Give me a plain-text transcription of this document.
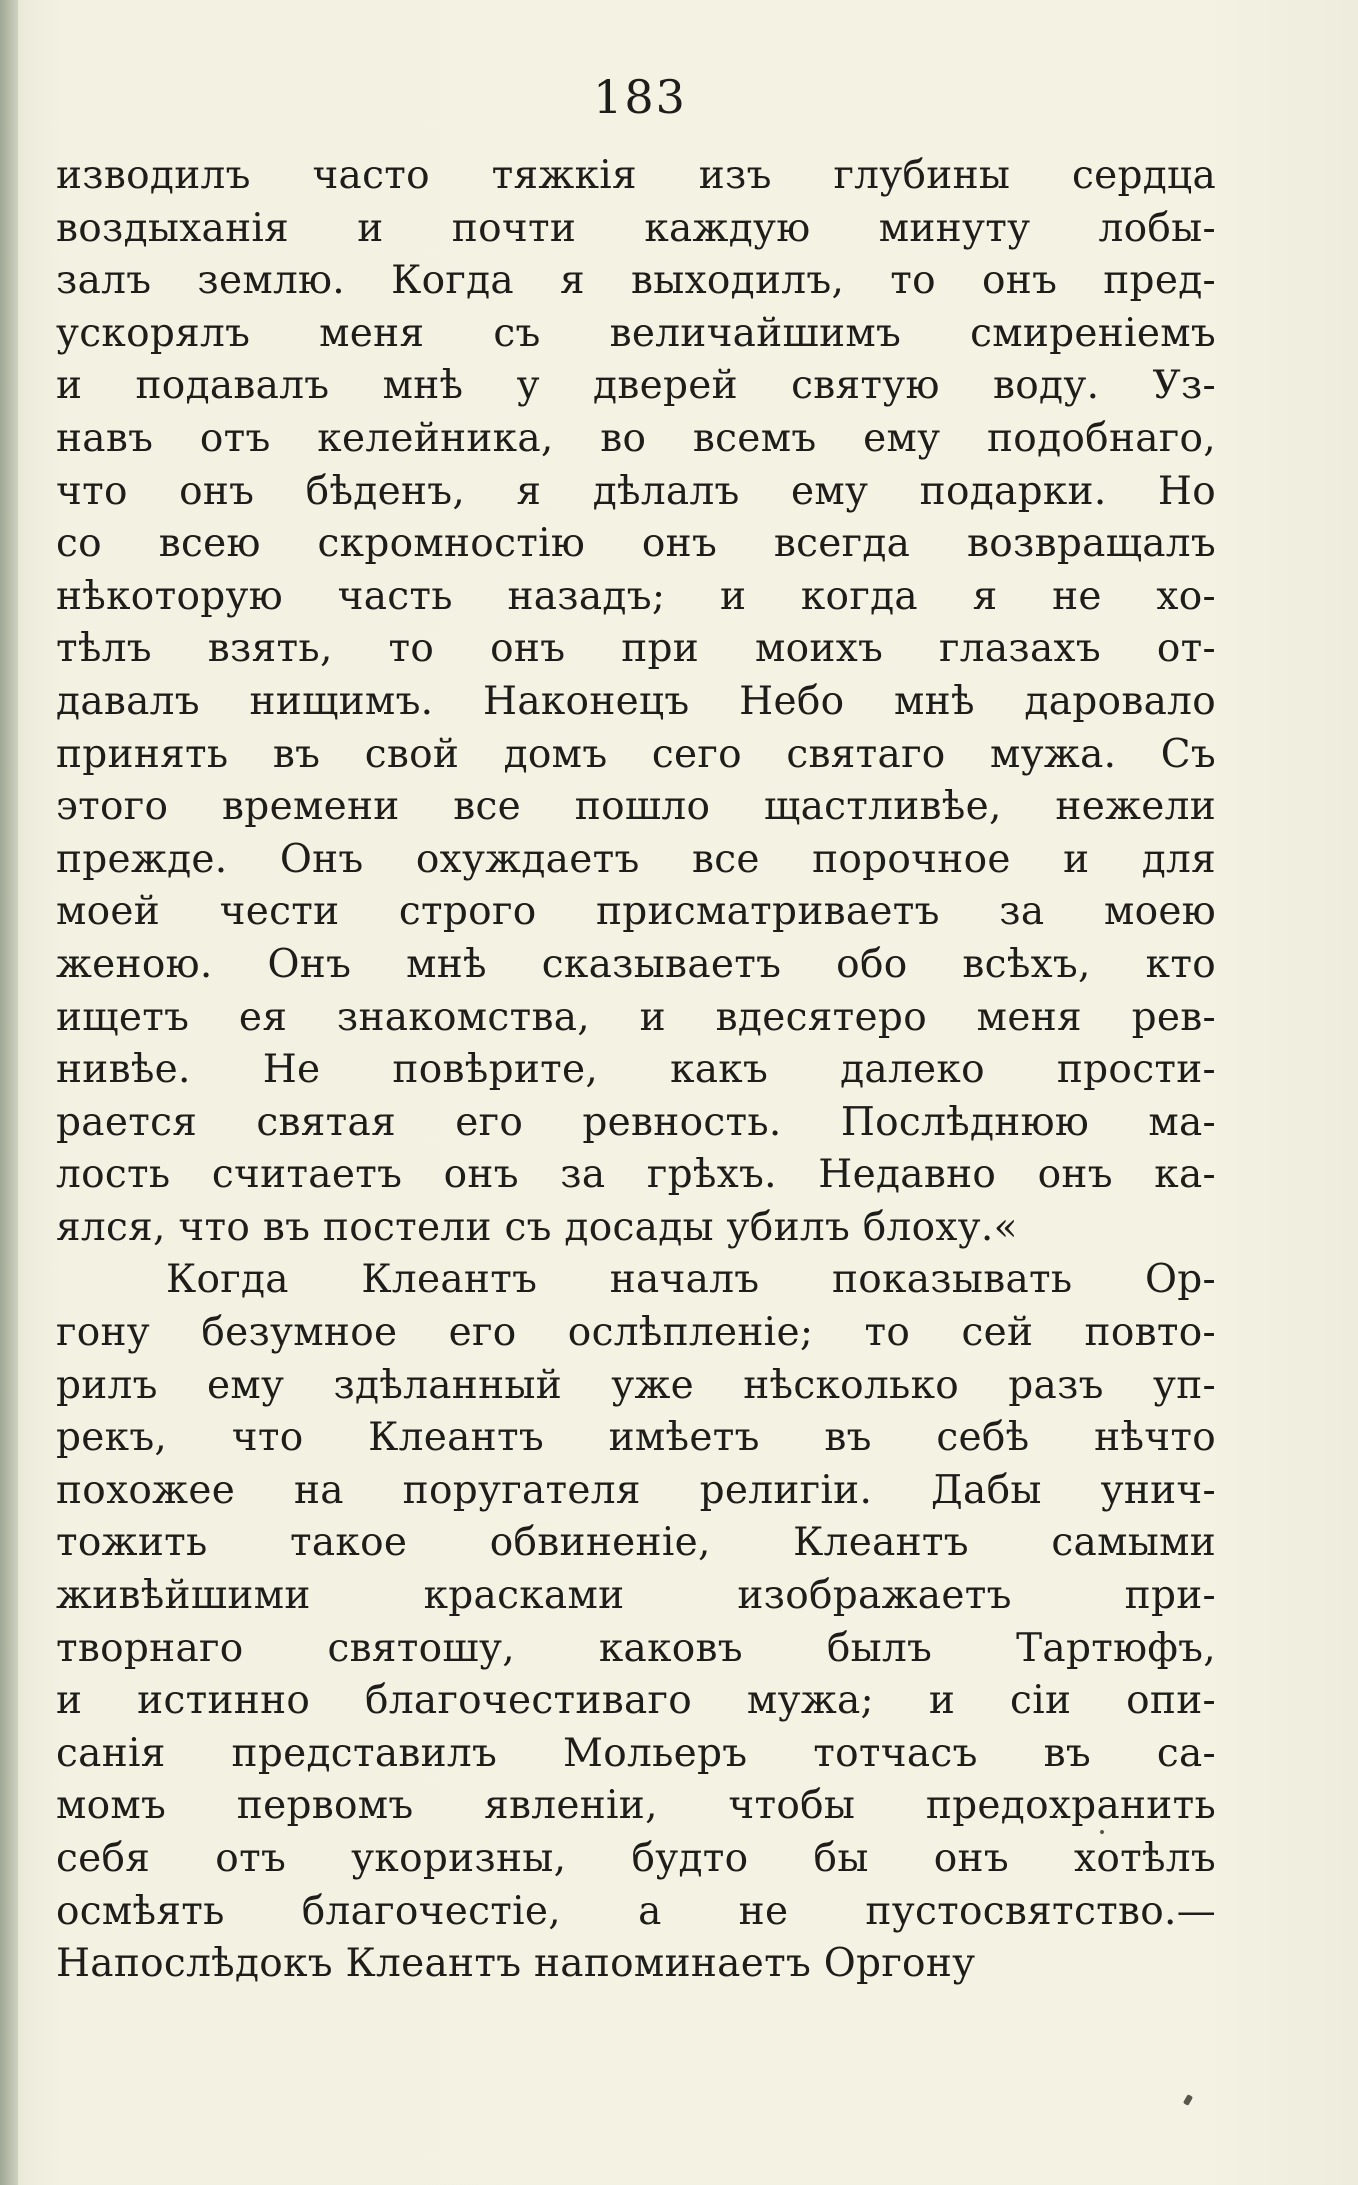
183
изводилъ часто тяжкія изъ глубины сердца
воздыханія и почти каждую минуту лобы-
залъ землю. Когда я выходилъ, то онъ пред-
ускорялъ меня съ величайшимъ смиреніемъ
и подавалъ мнѣ у дверей святую воду. Уз-
навъ отъ келейника, во всемъ ему подобнаго,
что онъ бѣденъ, я дѣлалъ ему подарки. Но
со всею скромностію онъ всегда возвращалъ
нѣкоторую часть назадъ; и когда я не хо-
тѣлъ взять, то онъ при моихъ глазахъ от-
давалъ нищимъ. Наконецъ Небо мнѣ даровало
принять въ свой домъ сего святаго мужа. Съ
этого времени все пошло щастливѣе, нежели
прежде. Онъ охуждаетъ все порочное и для
моей чести строго присматриваетъ за моею
женою. Онъ мнѣ сказываетъ обо всѣхъ, кто
ищетъ ея знакомства, и вдесятеро меня рев-
нивѣе. Не повѣрите, какъ далеко прости-
рается святая его ревность. Послѣднюю ма-
лость считаетъ онъ за грѣхъ. Недавно онъ ка-
ялся, что въ постели съ досады убилъ блоху.«
Когда Клеантъ началъ показывать Ор-
гону безумное его ослѣпленіе; то сей повто-
рилъ ему здѣланный уже нѣсколько разъ уп-
рекъ, что Клеантъ имѣетъ въ себѣ нѣчто
похожее на поругателя религіи. Дабы унич-
тожить такое обвиненіе, Клеантъ самыми
живѣйшими красками изображаетъ при-
творнаго святошу, каковъ былъ Тартюфъ,
и истинно благочестиваго мужа; и сіи опи-
санія представилъ Мольеръ тотчасъ въ са-
момъ первомъ явленіи, чтобы предохранить
себя отъ укоризны, будто бы онъ хотѣлъ
осмѣять благочестіе, а не пустосвятство.—
Напослѣдокъ Клеантъ напоминаетъ Оргону
